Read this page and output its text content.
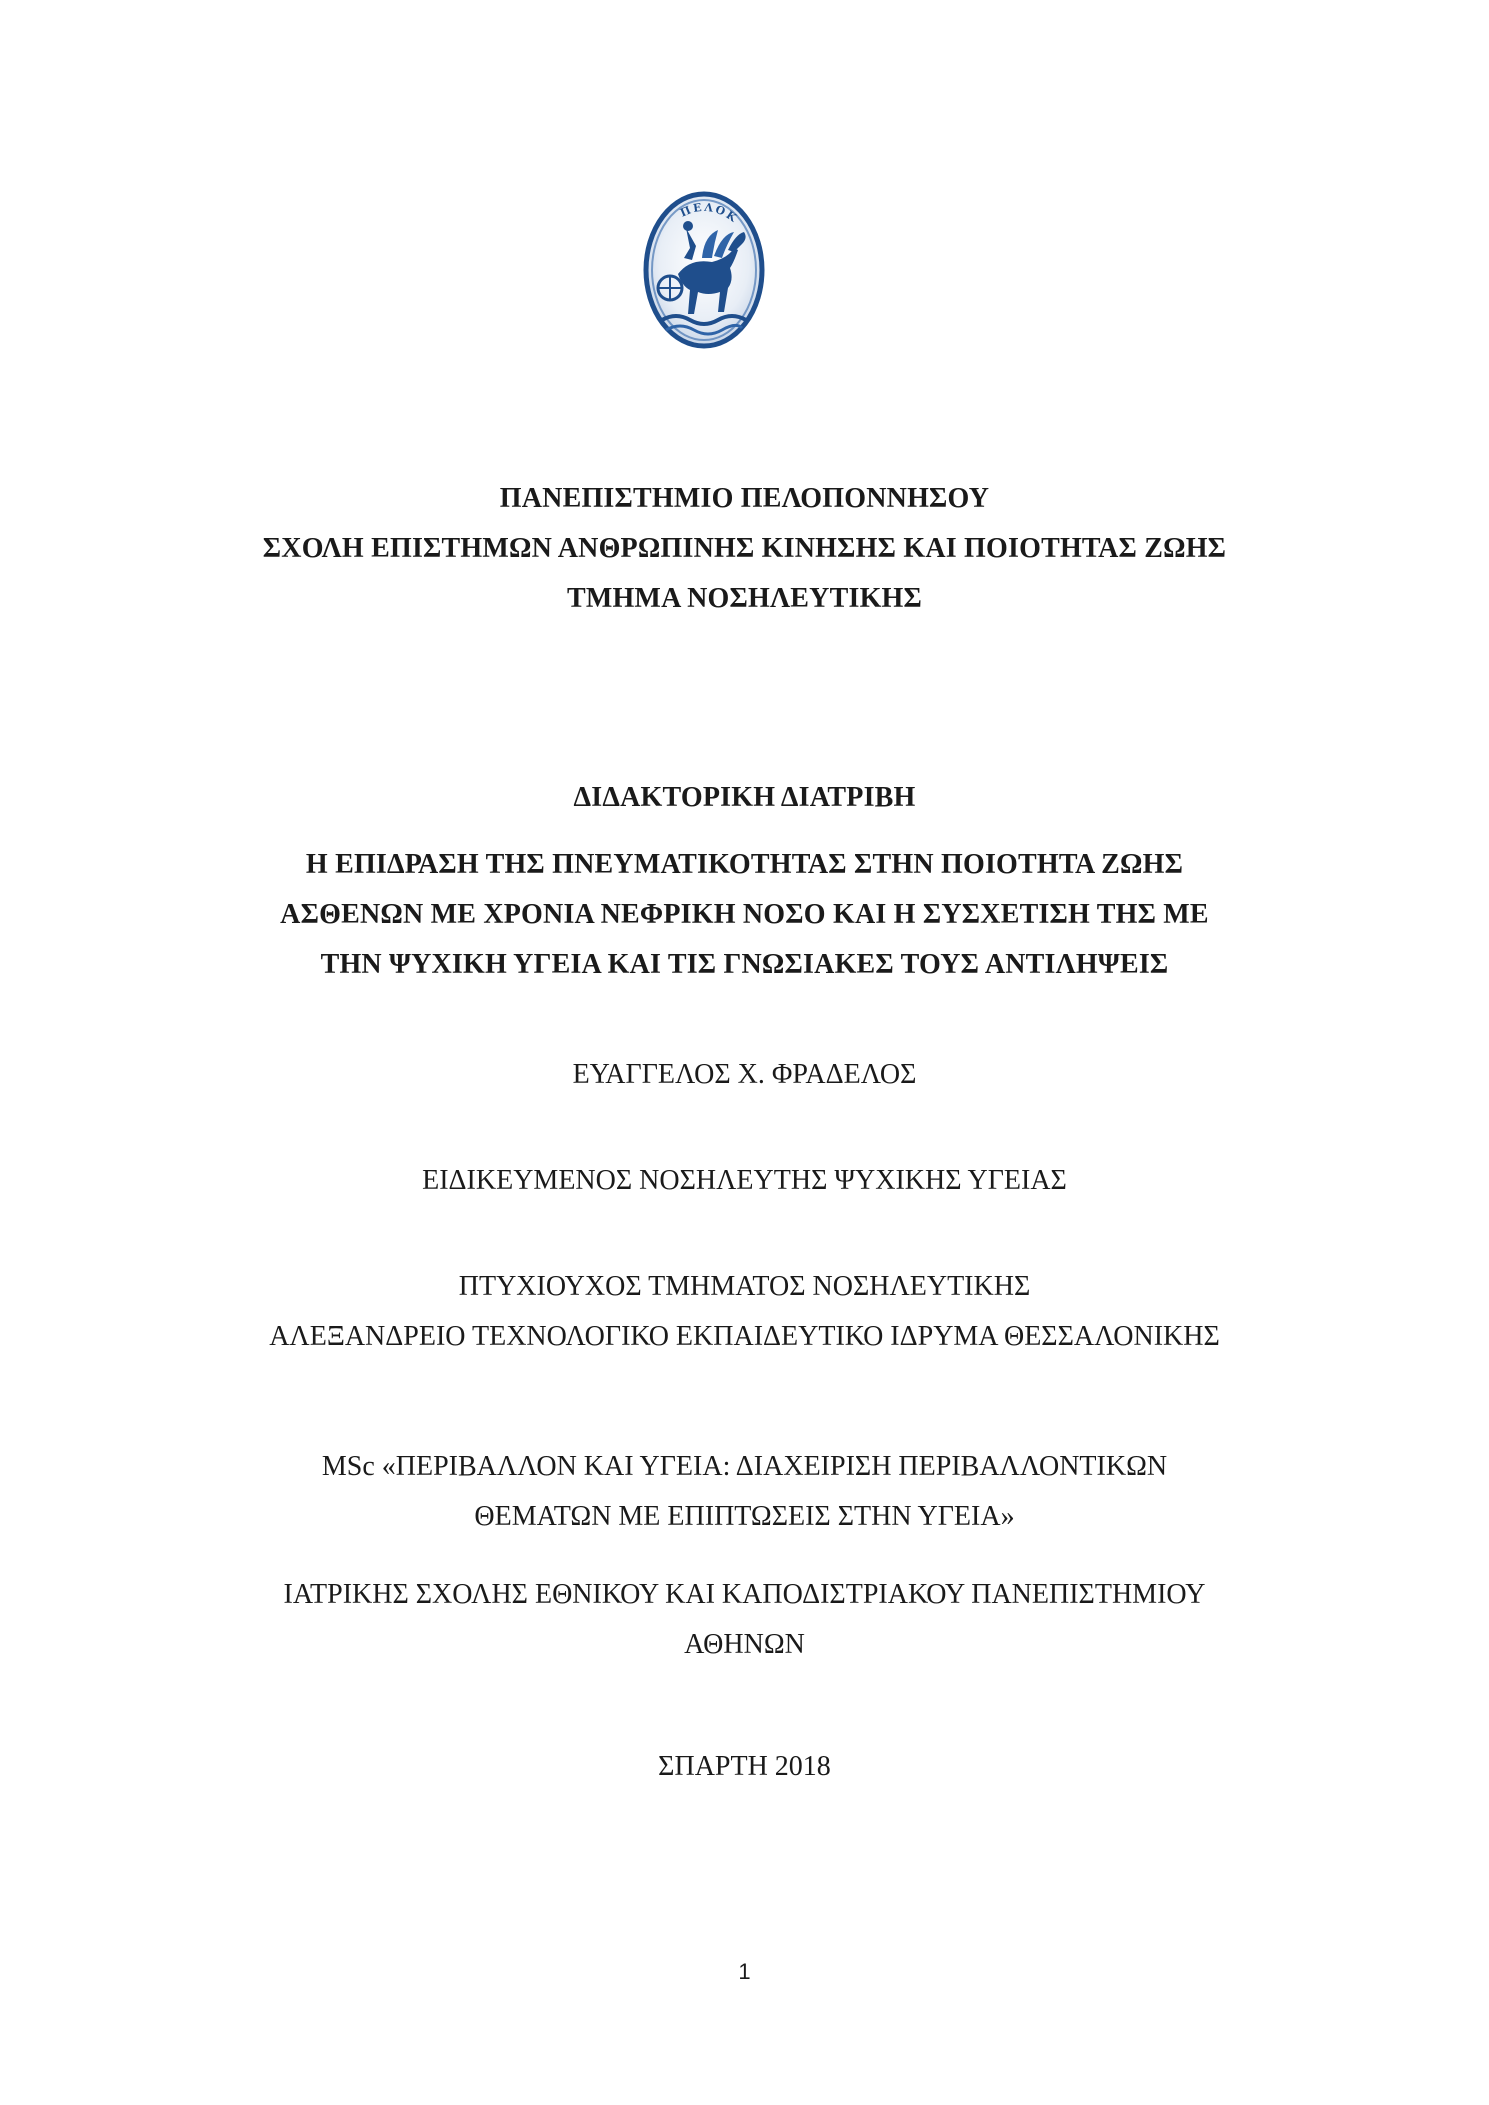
ΠΕΛΟΚ
ΠΑΝΕΠΙΣΤΗΜΙΟ ΠΕΛΟΠΟΝΝΗΣΟΥ
ΣΧΟΛΗ ΕΠΙΣΤΗΜΩΝ ΑΝΘΡΩΠΙΝΗΣ ΚΙΝΗΣΗΣ ΚΑΙ ΠΟΙΟΤΗΤΑΣ ΖΩΗΣ
ΤΜΗΜΑ ΝΟΣΗΛΕΥΤΙΚΗΣ
ΔΙΔΑΚΤΟΡΙΚΗ ΔΙΑΤΡΙΒΗ
Η ΕΠΙΔΡΑΣΗ ΤΗΣ ΠΝΕΥΜΑΤΙΚΟΤΗΤΑΣ ΣΤΗΝ ΠΟΙΟΤΗΤΑ ΖΩΗΣ
ΑΣΘΕΝΩΝ ΜΕ ΧΡΟΝΙΑ ΝΕΦΡΙΚΗ ΝΟΣΟ ΚΑΙ Η ΣΥΣΧΕΤΙΣΗ ΤΗΣ ΜΕ
ΤΗΝ ΨΥΧΙΚΗ ΥΓΕΙΑ ΚΑΙ ΤΙΣ ΓΝΩΣΙΑΚΕΣ ΤΟΥΣ ΑΝΤΙΛΗΨΕΙΣ
ΕΥΑΓΓΕΛΟΣ Χ. ΦΡΑΔΕΛΟΣ
ΕΙΔΙΚΕΥΜΕΝΟΣ ΝΟΣΗΛΕΥΤΗΣ ΨΥΧΙΚΗΣ ΥΓΕΙΑΣ
ΠΤΥΧΙΟΥΧΟΣ ΤΜΗΜΑΤΟΣ ΝΟΣΗΛΕΥΤΙΚΗΣ
ΑΛΕΞΑΝΔΡΕΙΟ ΤΕΧΝΟΛΟΓΙΚΟ ΕΚΠΑΙΔΕΥΤΙΚΟ ΙΔΡΥΜΑ ΘΕΣΣΑΛΟΝΙΚΗΣ
MSc «ΠΕΡΙΒΑΛΛΟΝ ΚΑΙ ΥΓΕΙΑ: ΔΙΑΧΕΙΡΙΣΗ ΠΕΡΙΒΑΛΛΟΝΤΙΚΩΝ
ΘΕΜΑΤΩΝ ΜΕ ΕΠΙΠΤΩΣΕΙΣ ΣΤΗΝ ΥΓΕΙΑ»
ΙΑΤΡΙΚΗΣ ΣΧΟΛΗΣ ΕΘΝΙΚΟΥ ΚΑΙ ΚΑΠΟΔΙΣΤΡΙΑΚΟΥ ΠΑΝΕΠΙΣΤΗΜΙΟΥ
ΑΘΗΝΩΝ
ΣΠΑΡΤΗ 2018
1
